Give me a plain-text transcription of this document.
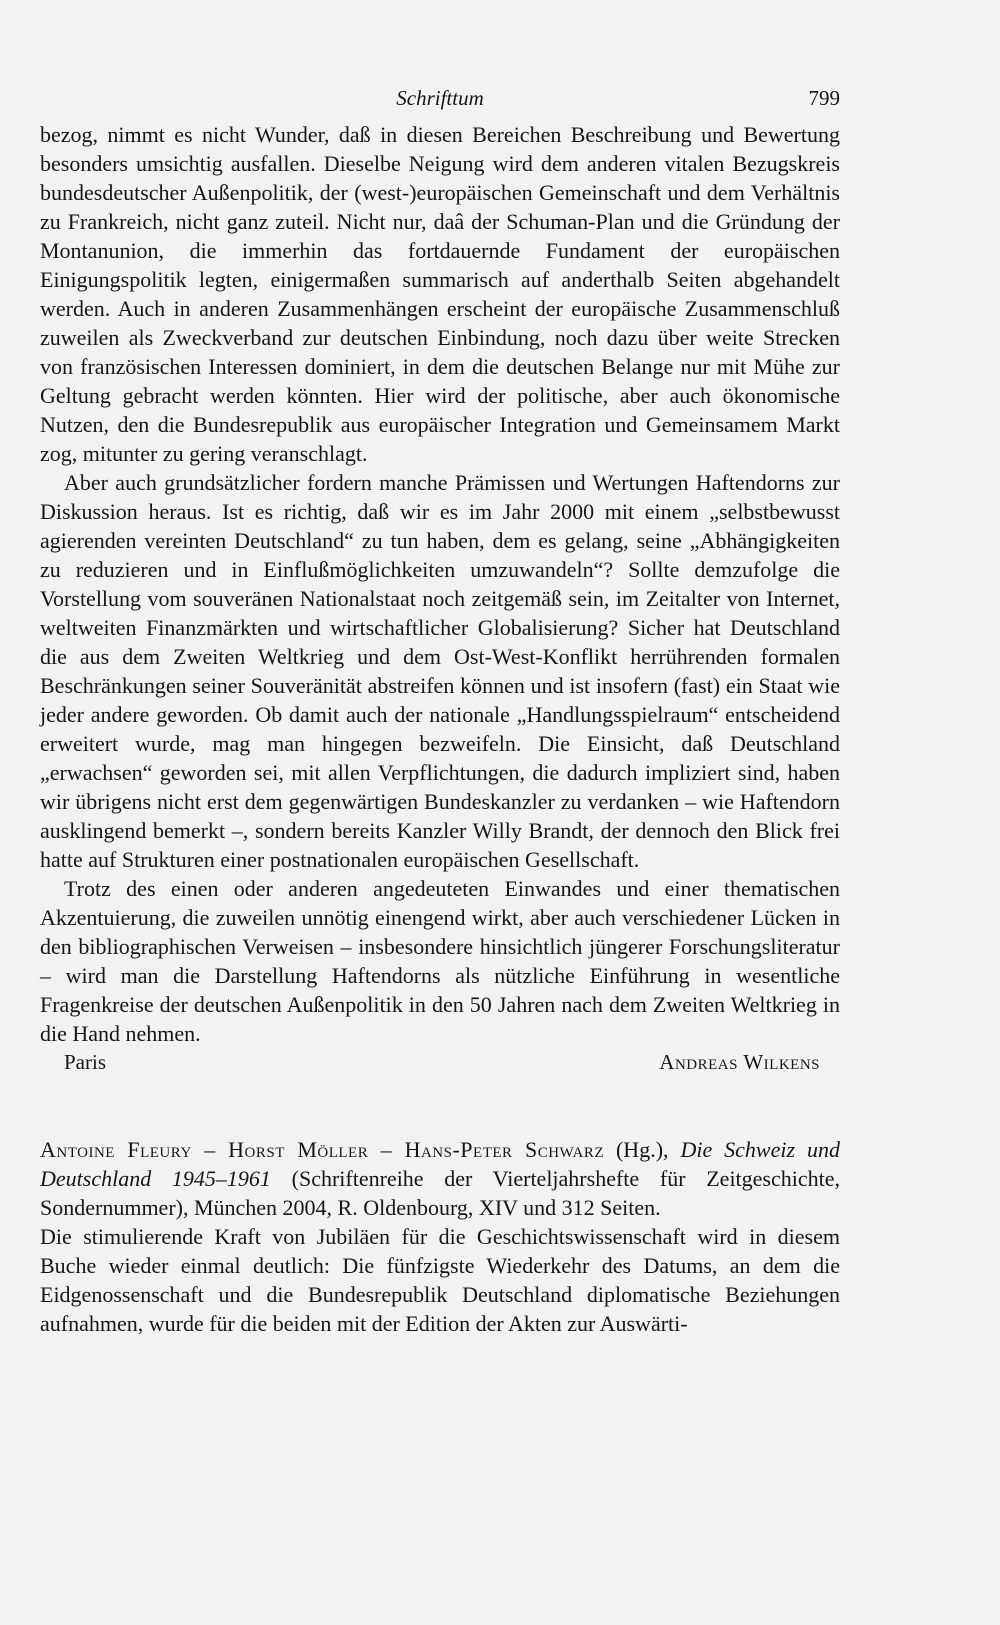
Schrifttum	799

bezog, nimmt es nicht Wunder, daß in diesen Bereichen Beschreibung und Bewertung besonders umsichtig ausfallen. Dieselbe Neigung wird dem anderen vitalen Bezugskreis bundesdeutscher Außenpolitik, der (west-)europäischen Gemeinschaft und dem Verhältnis zu Frankreich, nicht ganz zuteil. Nicht nur, daâ der Schuman-Plan und die Gründung der Montanunion, die immerhin das fortdauernde Fundament der europäischen Einigungspolitik legten, einigermaßen summarisch auf anderthalb Seiten abgehandelt werden. Auch in anderen Zusammenhängen erscheint der europäische Zusammenschluß zuweilen als Zweckverband zur deutschen Einbindung, noch dazu über weite Strecken von französischen Interessen dominiert, in dem die deutschen Belange nur mit Mühe zur Geltung gebracht werden könnten. Hier wird der politische, aber auch ökonomische Nutzen, den die Bundesrepublik aus europäischer Integration und Gemeinsamem Markt zog, mitunter zu gering veranschlagt.

Aber auch grundsätzlicher fordern manche Prämissen und Wertungen Haftendorns zur Diskussion heraus. Ist es richtig, daß wir es im Jahr 2000 mit einem „selbstbewusst agierenden vereinten Deutschland“ zu tun haben, dem es gelang, seine „Abhängigkeiten zu reduzieren und in Einflußmöglichkeiten umzuwandeln“? Sollte demzufolge die Vorstellung vom souveränen Nationalstaat noch zeitgemäß sein, im Zeitalter von Internet, weltweiten Finanzmärkten und wirtschaftlicher Globalisierung? Sicher hat Deutschland die aus dem Zweiten Weltkrieg und dem Ost-West-Konflikt herrührenden formalen Beschränkungen seiner Souveränität abstreifen können und ist insofern (fast) ein Staat wie jeder andere geworden. Ob damit auch der nationale „Handlungsspielraum“ entscheidend erweitert wurde, mag man hingegen bezweifeln. Die Einsicht, daß Deutschland „erwachsen“ geworden sei, mit allen Verpflichtungen, die dadurch impliziert sind, haben wir übrigens nicht erst dem gegenwärtigen Bundeskanzler zu verdanken – wie Haftendorn ausklingend bemerkt –, sondern bereits Kanzler Willy Brandt, der dennoch den Blick frei hatte auf Strukturen einer postnationalen europäischen Gesellschaft.

Trotz des einen oder anderen angedeuteten Einwandes und einer thematischen Akzentuierung, die zuweilen unnötig einengend wirkt, aber auch verschiedener Lücken in den bibliographischen Verweisen – insbesondere hinsichtlich jüngerer Forschungsliteratur – wird man die Darstellung Haftendorns als nützliche Einführung in wesentliche Fragenkreise der deutschen Außenpolitik in den 50 Jahren nach dem Zweiten Weltkrieg in die Hand nehmen.

Paris	Andreas Wilkens

Antoine Fleury – Horst Möller – Hans-Peter Schwarz (Hg.), Die Schweiz und Deutschland 1945–1961 (Schriftenreihe der Vierteljahrshefte für Zeitgeschichte, Sondernummer), München 2004, R. Oldenbourg, XIV und 312 Seiten.

Die stimulierende Kraft von Jubiläen für die Geschichtswissenschaft wird in diesem Buche wieder einmal deutlich: Die fünfzigste Wiederkehr des Datums, an dem die Eidgenossenschaft und die Bundesrepublik Deutschland diplomatische Beziehungen aufnahmen, wurde für die beiden mit der Edition der Akten zur Auswärti-
